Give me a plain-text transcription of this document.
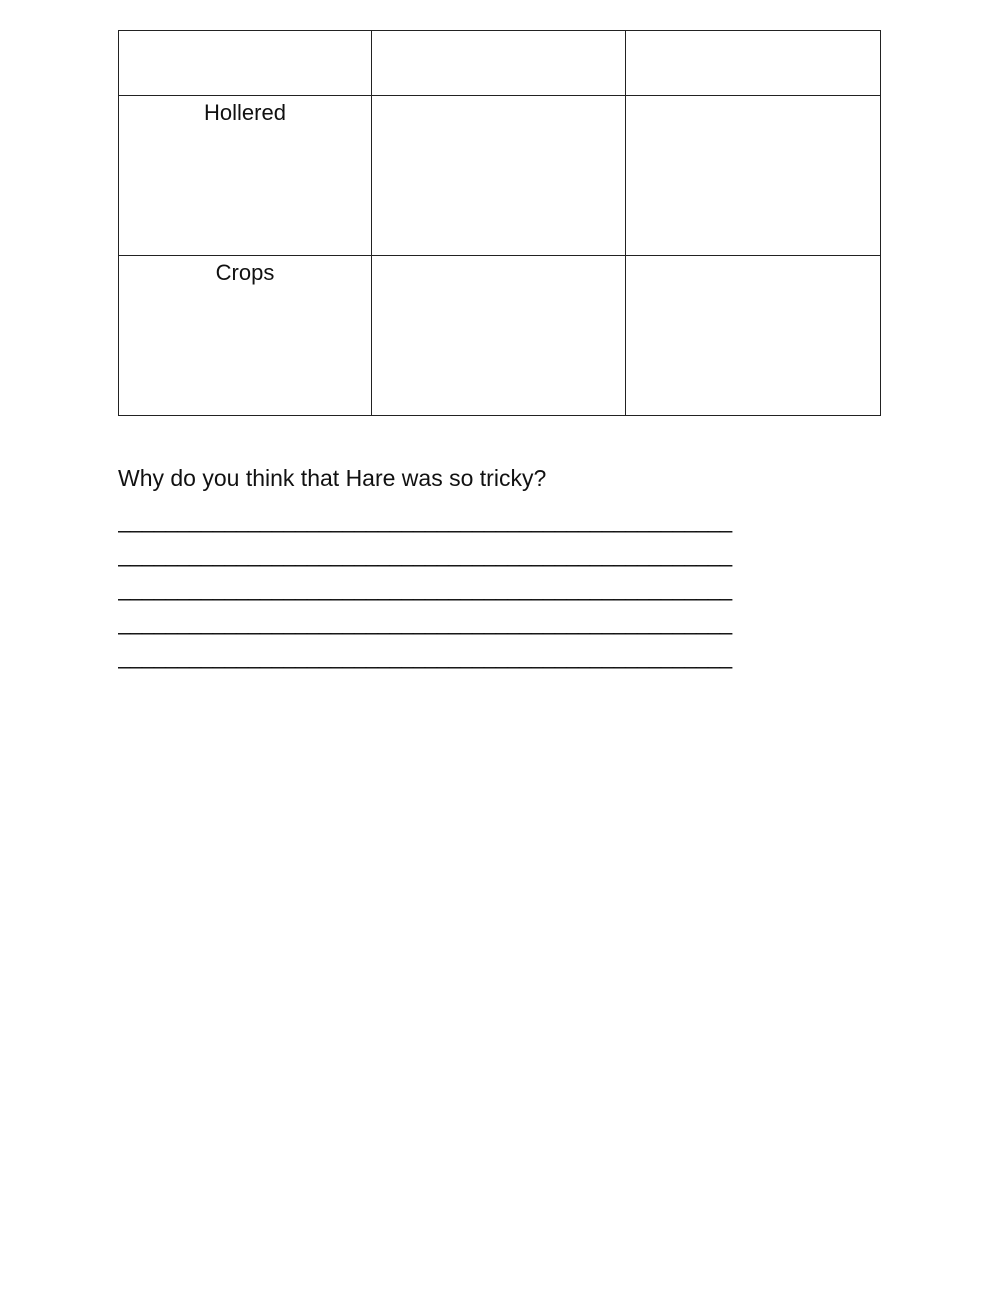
Hollered		

Crops		

Why do you think that Hare was so tricky?

____________________________________________________
____________________________________________________
____________________________________________________
____________________________________________________
____________________________________________________
